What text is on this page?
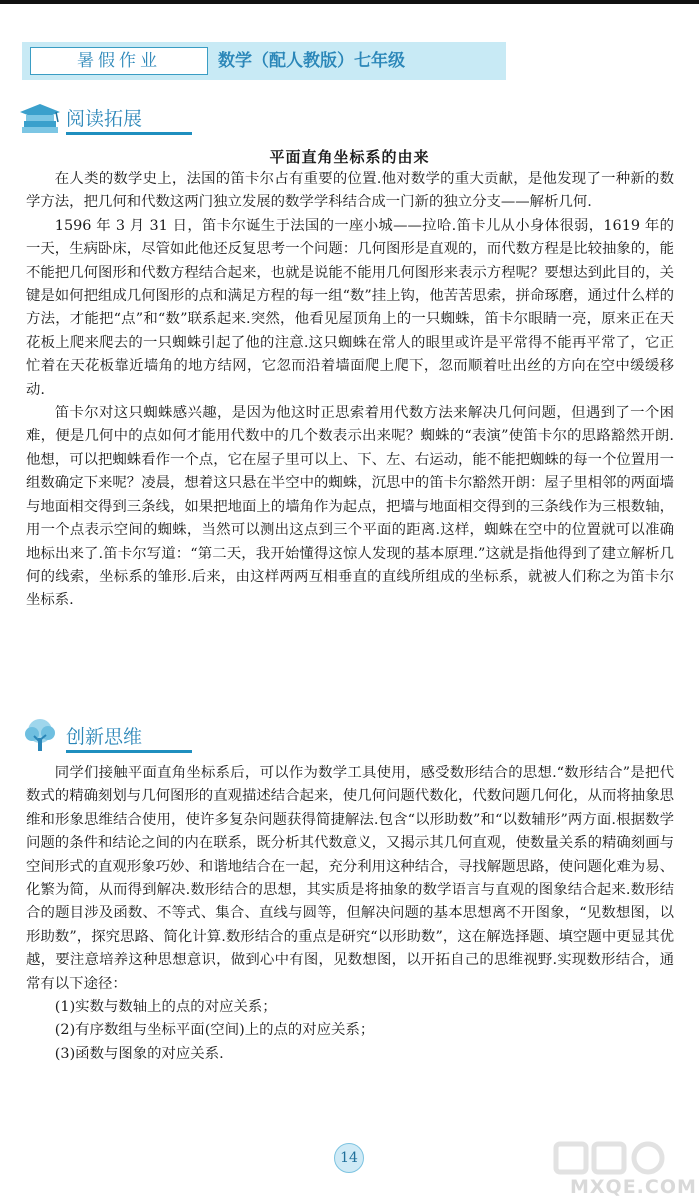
暑假作业	数学（配人教版）七年级
阅读拓展
平面直角坐标系的由来

在人类的数学史上，法国的笛卡尔占有重要的位置.他对数学的重大贡献，是他发现了一种新的数学方法，把几何和代数这两门独立发展的数学学科结合成一门新的独立分支——解析几何.

1596 年 3 月 31 日，笛卡尔诞生于法国的一座小城——拉哈.笛卡儿从小身体很弱，1619 年的一天，生病卧床，尽管如此他还反复思考一个问题：几何图形是直观的，而代数方程是比较抽象的，能不能把几何图形和代数方程结合起来，也就是说能不能用几何图形来表示方程呢？要想达到此目的，关键是如何把组成几何图形的点和满足方程的每一组“数”挂上钩，他苦苦思索，拼命琢磨，通过什么样的方法，才能把“点”和“数”联系起来.突然，他看见屋顶角上的一只蜘蛛，笛卡尔眼睛一亮，原来正在天花板上爬来爬去的一只蜘蛛引起了他的注意.这只蜘蛛在常人的眼里或许是平常得不能再平常了，它正忙着在天花板靠近墙角的地方结网，它忽而沿着墙面爬上爬下，忽而顺着吐出丝的方向在空中缓缓移动.

笛卡尔对这只蜘蛛感兴趣，是因为他这时正思索着用代数方法来解决几何问题，但遇到了一个困难，便是几何中的点如何才能用代数中的几个数表示出来呢？蜘蛛的“表演”使笛卡尔的思路豁然开朗.他想，可以把蜘蛛看作一个点，它在屋子里可以上、下、左、右运动，能不能把蜘蛛的每一个位置用一组数确定下来呢？凌晨，想着这只悬在半空中的蜘蛛，沉思中的笛卡尔豁然开朗：屋子里相邻的两面墙与地面相交得到三条线，如果把地面上的墙角作为起点，把墙与地面相交得到的三条线作为三根数轴，用一个点表示空间的蜘蛛，当然可以测出这点到三个平面的距离.这样，蜘蛛在空中的位置就可以准确地标出来了.笛卡尔写道：“第二天，我开始懂得这惊人发现的基本原理.”这就是指他得到了建立解析几何的线索，坐标系的雏形.后来，由这样两两互相垂直的直线所组成的坐标系，就被人们称之为笛卡尔坐标系.

创新思维

同学们接触平面直角坐标系后，可以作为数学工具使用，感受数形结合的思想.“数形结合”是把代数式的精确刻划与几何图形的直观描述结合起来，使几何问题代数化，代数问题几何化，从而将抽象思维和形象思维结合使用，使许多复杂问题获得简捷解法.包含“以形助数”和“以数辅形”两方面.根据数学问题的条件和结论之间的内在联系，既分析其代数意义，又揭示其几何直观，使数量关系的精确刻画与空间形式的直观形象巧妙、和谐地结合在一起，充分利用这种结合，寻找解题思路，使问题化难为易、化繁为简，从而得到解决.数形结合的思想，其实质是将抽象的数学语言与直观的图象结合起来.数形结合的题目涉及函数、不等式、集合、直线与圆等，但解决问题的基本思想离不开图象，“见数想图，以形助数”，探究思路、简化计算.数形结合的重点是研究“以形助数”，这在解选择题、填空题中更显其优越，要注意培养这种思想意识，做到心中有图，见数想图，以开拓自己的思维视野.实现数形结合，通常有以下途径：

(1)实数与数轴上的点的对应关系；

(2)有序数组与坐标平面(空间)上的点的对应关系；

(3)函数与图象的对应关系.

14
MXQE.COM
